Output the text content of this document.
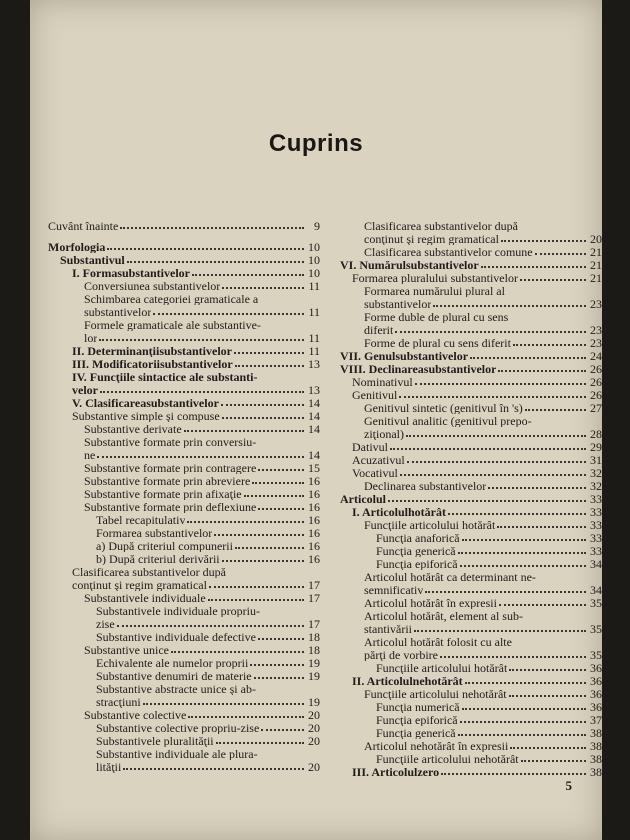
Cuprins
Cuvânt înainte	9
Morfologia	10
Substantivul	10
I. Formasubstantivelor	10
Conversiunea substantivelor	11
Schimbarea categoriei gramaticale a
substantivelor	11
Formele gramaticale ale substantive-
lor	11
II. Determinanţiisubstantivelor	11
III. Modificatoriisubstantivelor	13
IV. Funcţiile sintactice ale substanti-
velor	13
V. Clasificareasubstantivelor	14
Substantive simple şi compuse	14
Substantive derivate	14
Substantive formate prin conversiu-
ne	14
Substantive formate prin contragere	15
Substantive formate prin abreviere	16
Substantive formate prin afixaţie	16
Substantive formate prin deflexiune	16
Tabel recapitulativ	16
Formarea substantivelor	16
a) După criteriul compunerii	16
b) După criteriul derivării	16
Clasificarea substantivelor după
conţinut şi regim gramatical	17
Substantivele individuale	17
Substantivele individuale propriu-
zise	17
Substantive individuale defective	18
Substantive unice	18
Echivalente ale numelor proprii	19
Substantive denumiri de materie	19
Substantive abstracte unice şi ab-
stracţiuni	19
Substantive colective	20
Substantive colective propriu-zise	20
Substantivele pluralităţii	20
Substantive individuale ale plura-
lităţii	20
Clasificarea substantivelor după
conţinut şi regim gramatical	20
Clasificarea substantivelor comune	21
VI. Numărulsubstantivelor	21
Formarea pluralului substantivelor	21
Formarea numărului plural al
substantivelor	23
Forme duble de plural cu sens
diferit	23
Forme de plural cu sens diferit	23
VII. Genulsubstantivelor	24
VIII. Declinareasubstantivelor	26
Nominativul	26
Genitivul	26
Genitivul sintetic (genitivul în 's)	27
Genitivul analitic (genitivul prepo-
ziţional)	28
Dativul	29
Acuzativul	31
Vocativul	32
Declinarea substantivelor	32
Articolul	33
I. Articolulhotărât	33
Funcţiile articolului hotărât	33
Funcţia anaforică	33
Funcţia generică	33
Funcţia epiforică	34
Articolul hotărât ca determinant ne-
semnificativ	34
Articolul hotărât în expresii	35
Articolul hotărât, element al sub-
stantivării	35
Articolul hotărât folosit cu alte
părţi de vorbire	35
Funcţiile articolului hotărât	36
II. Articolulnehotărât	36
Funcţiile articolului nehotărât	36
Funcţia numerică	36
Funcţia epiforică	37
Funcţia generică	38
Articolul nehotărât în expresii	38
Funcţiile articolului nehotărât	38
III. Articolulzero	38
5
